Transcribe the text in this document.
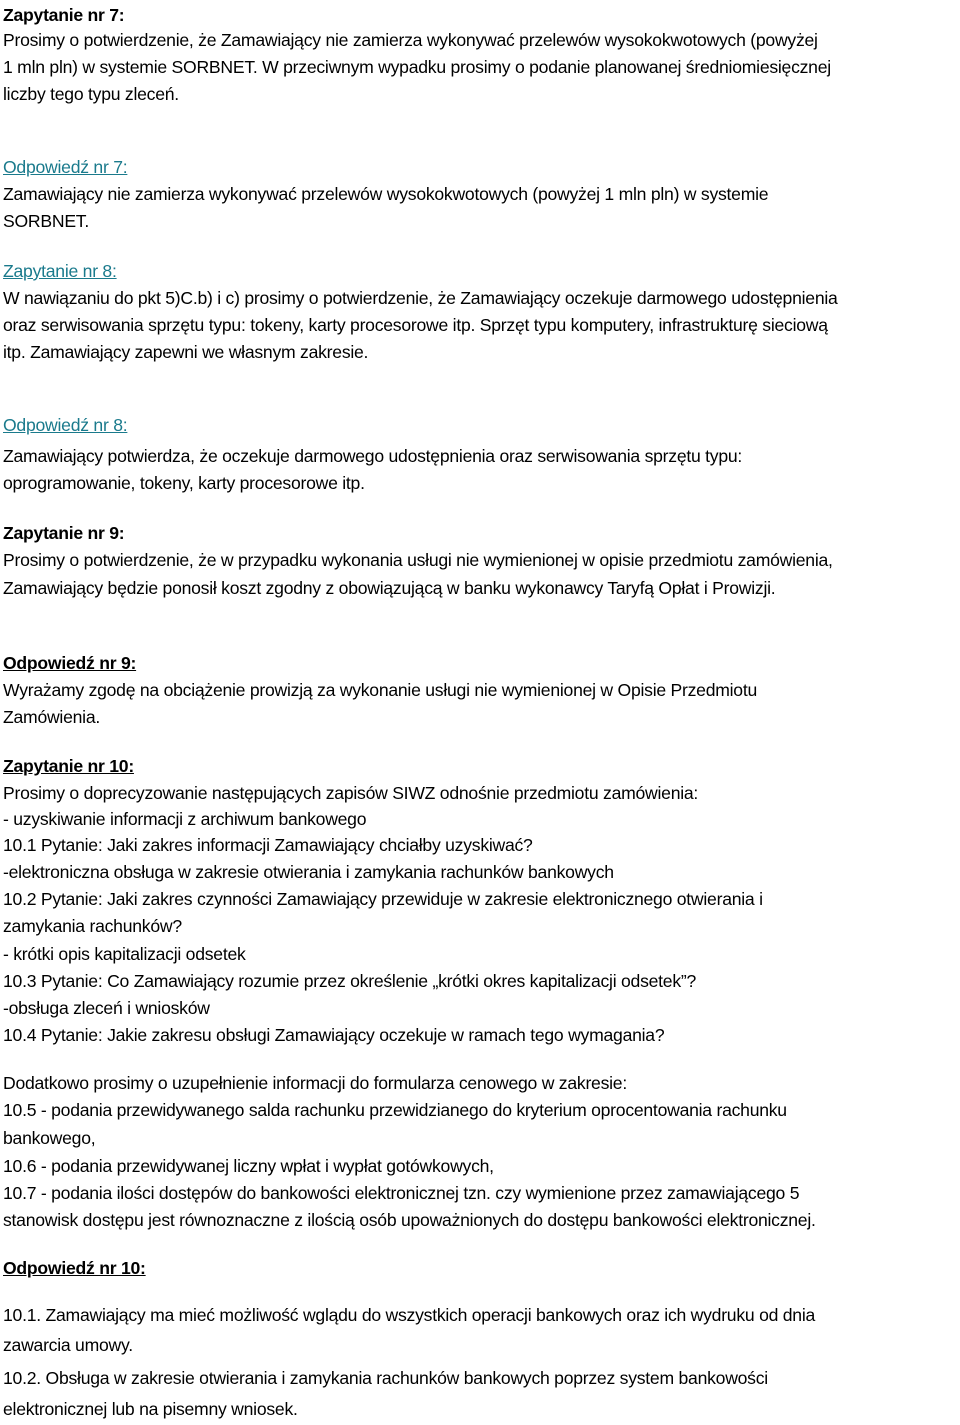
Zapytanie nr 7:

Prosimy o potwierdzenie, że Zamawiający nie zamierza wykonywać przelewów wysokokwotowych (powyżej

1 mln pln) w systemie SORBNET. W przeciwnym wypadku prosimy o podanie planowanej średniomiesięcznej

liczby tego typu zleceń.

Odpowiedź nr 7:

Zamawiający nie zamierza wykonywać przelewów wysokokwotowych (powyżej 1 mln pln) w systemie

SORBNET.

Zapytanie nr 8:

W nawiązaniu do pkt 5)C.b) i c) prosimy o potwierdzenie, że Zamawiający oczekuje darmowego udostępnienia

oraz serwisowania sprzętu typu: tokeny, karty procesorowe itp. Sprzęt typu komputery, infrastrukturę sieciową

itp. Zamawiający zapewni we własnym zakresie.

Odpowiedź nr 8:

Zamawiający potwierdza, że oczekuje darmowego udostępnienia oraz serwisowania sprzętu typu:

oprogramowanie, tokeny, karty procesorowe itp.

Zapytanie nr 9:

Prosimy o potwierdzenie, że w przypadku wykonania usługi nie wymienionej w opisie przedmiotu zamówienia,

Zamawiający będzie ponosił koszt zgodny z obowiązującą w banku wykonawcy Taryfą Opłat i Prowizji.

Odpowiedź nr 9:

Wyrażamy zgodę na obciążenie prowizją za wykonanie usługi nie wymienionej w Opisie Przedmiotu

Zamówienia.

Zapytanie nr 10:

Prosimy o doprecyzowanie następujących zapisów SIWZ odnośnie przedmiotu zamówienia:

- uzyskiwanie informacji z archiwum bankowego

10.1 Pytanie: Jaki zakres informacji Zamawiający chciałby uzyskiwać?

-elektroniczna obsługa w zakresie otwierania i zamykania rachunków bankowych

10.2 Pytanie: Jaki zakres czynności Zamawiający przewiduje w zakresie elektronicznego otwierania i

zamykania rachunków?

- krótki opis kapitalizacji odsetek

10.3 Pytanie: Co Zamawiający rozumie przez określenie „krótki okres kapitalizacji odsetek”?

-obsługa zleceń i wniosków

10.4 Pytanie: Jakie zakresu obsługi Zamawiający oczekuje w ramach tego wymagania?

Dodatkowo prosimy o uzupełnienie informacji do formularza cenowego w zakresie:

10.5 - podania przewidywanego salda rachunku przewidzianego do kryterium oprocentowania rachunku

bankowego,

10.6 - podania przewidywanej liczny wpłat i wypłat gotówkowych,

10.7 - podania ilości dostępów do bankowości elektronicznej tzn. czy wymienione przez zamawiającego 5

stanowisk dostępu jest równoznaczne z ilością osób upoważnionych do dostępu bankowości elektronicznej.

Odpowiedź nr 10:

10.1. Zamawiający ma mieć możliwość wglądu do wszystkich operacji bankowych oraz ich wydruku od dnia

zawarcia umowy.

10.2. Obsługa w zakresie otwierania i zamykania rachunków bankowych poprzez system bankowości

elektronicznej lub na pisemny wniosek.
